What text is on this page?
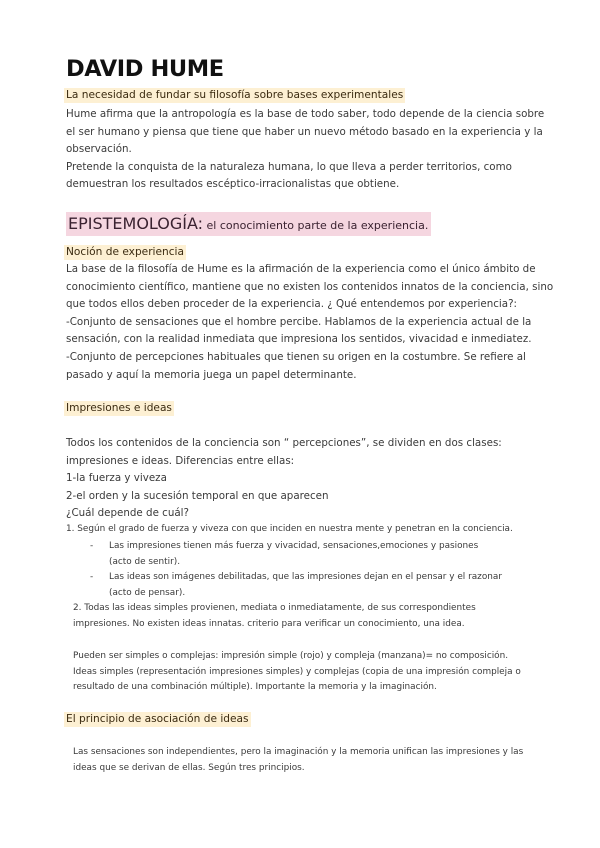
DAVID HUME
La necesidad de fundar su filosofía sobre bases experimentales
Hume afirma que la antropología es la base de todo saber, todo depende de la ciencia sobre
el ser humano y piensa que tiene que haber un nuevo método basado en la experiencia y la
observación.
Pretende la conquista de la naturaleza humana, lo que lleva a perder territorios, como
demuestran los resultados escéptico-irracionalistas que obtiene.
EPISTEMOLOGÍA: el conocimiento parte de la experiencia.
Noción de experiencia
La base de la filosofía de Hume es la afirmación de la experiencia como el único ámbito de
conocimiento científico, mantiene que no existen los contenidos innatos de la conciencia, sino
que todos ellos deben proceder de la experiencia. ¿ Qué entendemos por experiencia?:
-Conjunto de sensaciones que el hombre percibe. Hablamos de la experiencia actual de la
sensación, con la realidad inmediata que impresiona los sentidos, vivacidad e inmediatez.
-Conjunto de percepciones habituales que tienen su origen en la costumbre. Se refiere al
pasado y aquí la memoria juega un papel determinante.
Impresiones e ideas
Todos los contenidos de la conciencia son “ percepciones”, se dividen en dos clases:
impresiones e ideas. Diferencias entre ellas:
1-la fuerza y viveza
2-el orden y la sucesión temporal en que aparecen
¿Cuál depende de cuál?
1. Según el grado de fuerza y viveza con que inciden en nuestra mente y penetran en la conciencia.
- Las impresiones tienen más fuerza y vivacidad, sensaciones,emociones y pasiones
(acto de sentir).
- Las ideas son imágenes debilitadas, que las impresiones dejan en el pensar y el razonar
(acto de pensar).
2. Todas las ideas simples provienen, mediata o inmediatamente, de sus correspondientes
impresiones. No existen ideas innatas. criterio para verificar un conocimiento, una idea.
Pueden ser simples o complejas: impresión simple (rojo) y compleja (manzana)= no composición.
Ideas simples (representación impresiones simples) y complejas (copia de una impresión compleja o
resultado de una combinación múltiple). Importante la memoria y la imaginación.
El principio de asociación de ideas
Las sensaciones son independientes, pero la imaginación y la memoria unifican las impresiones y las
ideas que se derivan de ellas. Según tres principios.
